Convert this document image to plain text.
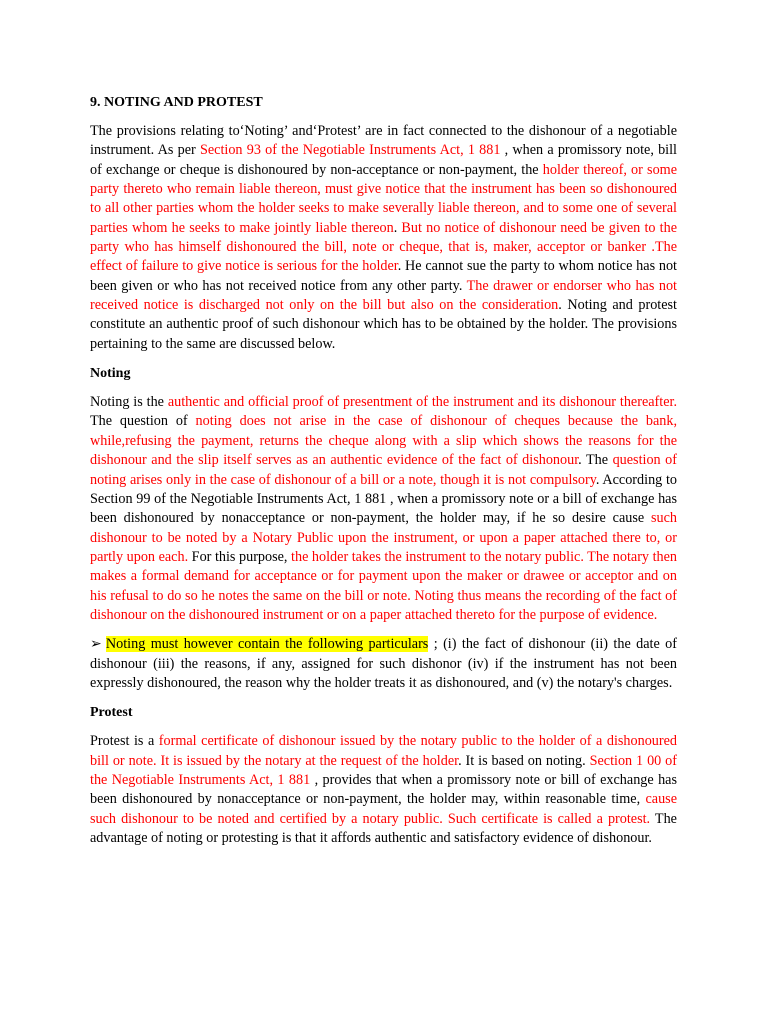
9. NOTING AND PROTEST

The provisions relating to‘Noting’ and‘Protest’ are in fact connected to the dishonour of a negotiable instrument. As per Section 93 of the Negotiable Instruments Act, 1 881 , when a promissory note, bill of exchange or cheque is dishonoured by non-acceptance or non-payment, the holder thereof, or some party thereto who remain liable thereon, must give notice that the instrument has been so dishonoured to all other parties whom the holder seeks to make severally liable thereon, and to some one of several parties whom he seeks to make jointly liable thereon. But no notice of dishonour need be given to the party who has himself dishonoured the bill, note or cheque, that is, maker, acceptor or banker .The effect of failure to give notice is serious for the holder. He cannot sue the party to whom notice has not been given or who has not received notice from any other party. The drawer or endorser who has not received notice is discharged not only on the bill but also on the consideration. Noting and protest constitute an authentic proof of such dishonour which has to be obtained by the holder. The provisions pertaining to the same are discussed below.

Noting

Noting is the authentic and official proof of presentment of the instrument and its dishonour thereafter. The question of noting does not arise in the case of dishonour of cheques because the bank, while,refusing the payment, returns the cheque along with a slip which shows the reasons for the dishonour and the slip itself serves as an authentic evidence of the fact of dishonour. The question of noting arises only in the case of dishonour of a bill or a note, though it is not compulsory. According to Section 99 of the Negotiable Instruments Act, 1 881 , when a promissory note or a bill of exchange has been dishonoured by nonacceptance or non-payment, the holder may, if he so desire cause such dishonour to be noted by a Notary Public upon the instrument, or upon a paper attached there to, or partly upon each. For this purpose, the holder takes the instrument to the notary public. The notary then makes a formal demand for acceptance or for payment upon the maker or drawee or acceptor and on his refusal to do so he notes the same on the bill or note. Noting thus means the recording of the fact of dishonour on the dishonoured instrument or on a paper attached thereto for the purpose of evidence.

➢ Noting must however contain the following particulars ; (i) the fact of dishonour (ii) the date of dishonour (iii) the reasons, if any, assigned for such dishonor (iv) if the instrument has not been expressly dishonoured, the reason why the holder treats it as dishonoured, and (v) the notary's charges.

Protest

Protest is a formal certificate of dishonour issued by the notary public to the holder of a dishonoured bill or note. It is issued by the notary at the request of the holder. It is based on noting. Section 1 00 of the Negotiable Instruments Act, 1 881 , provides that when a promissory note or bill of exchange has been dishonoured by nonacceptance or non-payment, the holder may, within reasonable time, cause such dishonour to be noted and certified by a notary public. Such certificate is called a protest. The advantage of noting or protesting is that it affords authentic and satisfactory evidence of dishonour.
